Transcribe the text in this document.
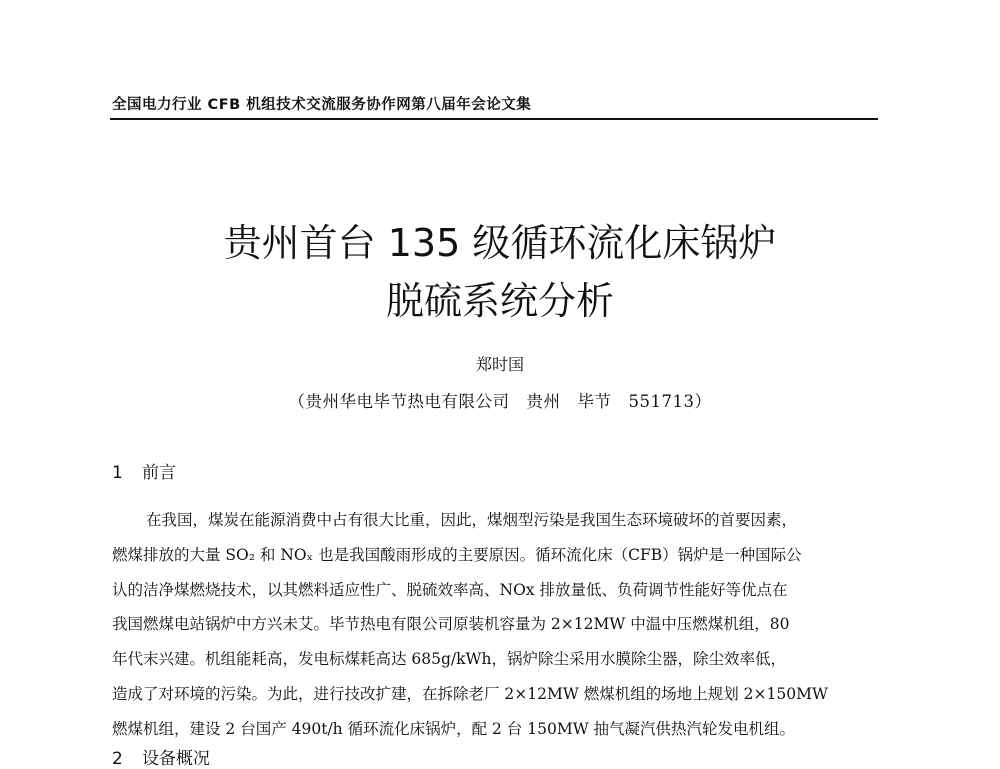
全国电力行业 CFB 机组技术交流服务协作网第八届年会论文集
贵州首台 135 级循环流化床锅炉
脱硫系统分析
郑时国
（贵州华电毕节热电有限公司　贵州　毕节　551713）
1 前言
在我国，煤炭在能源消费中占有很大比重，因此，煤烟型污染是我国生态环境破坏的首要因素，
燃煤排放的大量 SO₂ 和 NOₓ 也是我国酸雨形成的主要原因。循环流化床（CFB）锅炉是一种国际公
认的洁净煤燃烧技术，以其燃料适应性广、脱硫效率高、NOx 排放量低、负荷调节性能好等优点在
我国燃煤电站锅炉中方兴未艾。毕节热电有限公司原装机容量为 2×12MW 中温中压燃煤机组，80
年代末兴建。机组能耗高，发电标煤耗高达 685g/kWh，锅炉除尘采用水膜除尘器，除尘效率低，
造成了对环境的污染。为此，进行技改扩建，在拆除老厂 2×12MW 燃煤机组的场地上规划 2×150MW
燃煤机组，建设 2 台国产 490t/h 循环流化床锅炉，配 2 台 150MW 抽气凝汽供热汽轮发电机组。
2 设备概况
